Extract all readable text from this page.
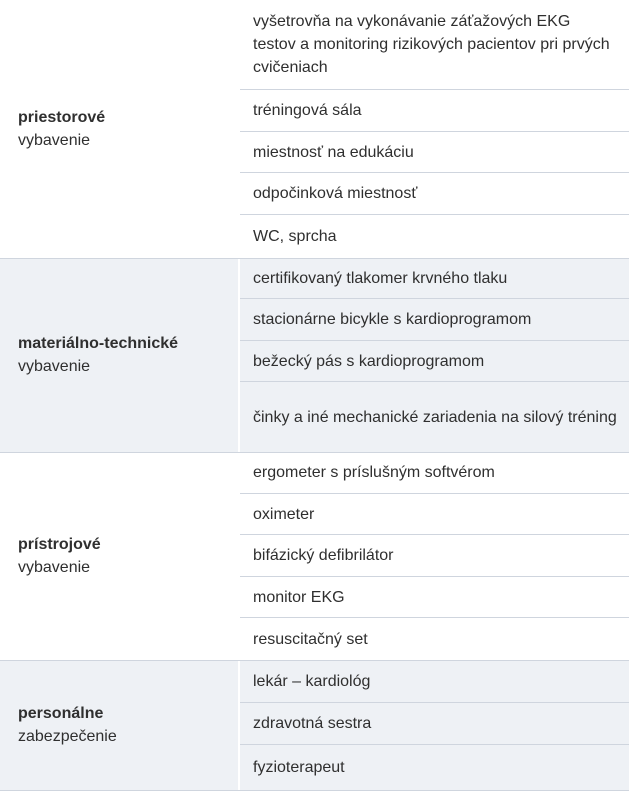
priestorové
vybavenie
vyšetrovňa na vykonávanie záťažových EKG testov a monitoring rizikových pacientov pri prvých cvičeniach
tréningová sála
miestnosť na edukáciu
odpočinková miestnosť
WC, sprcha
materiálno-technické
vybavenie
certifikovaný tlakomer krvného tlaku
stacionárne bicykle s kardioprogramom
bežecký pás s kardioprogramom
činky a iné mechanické zariadenia na silový tréning
prístrojové
vybavenie
ergometer s príslušným softvérom
oximeter
bifázický defibrilátor
monitor EKG
resuscitačný set
personálne
zabezpečenie
lekár – kardiológ
zdravotná sestra
fyzioterapeut
